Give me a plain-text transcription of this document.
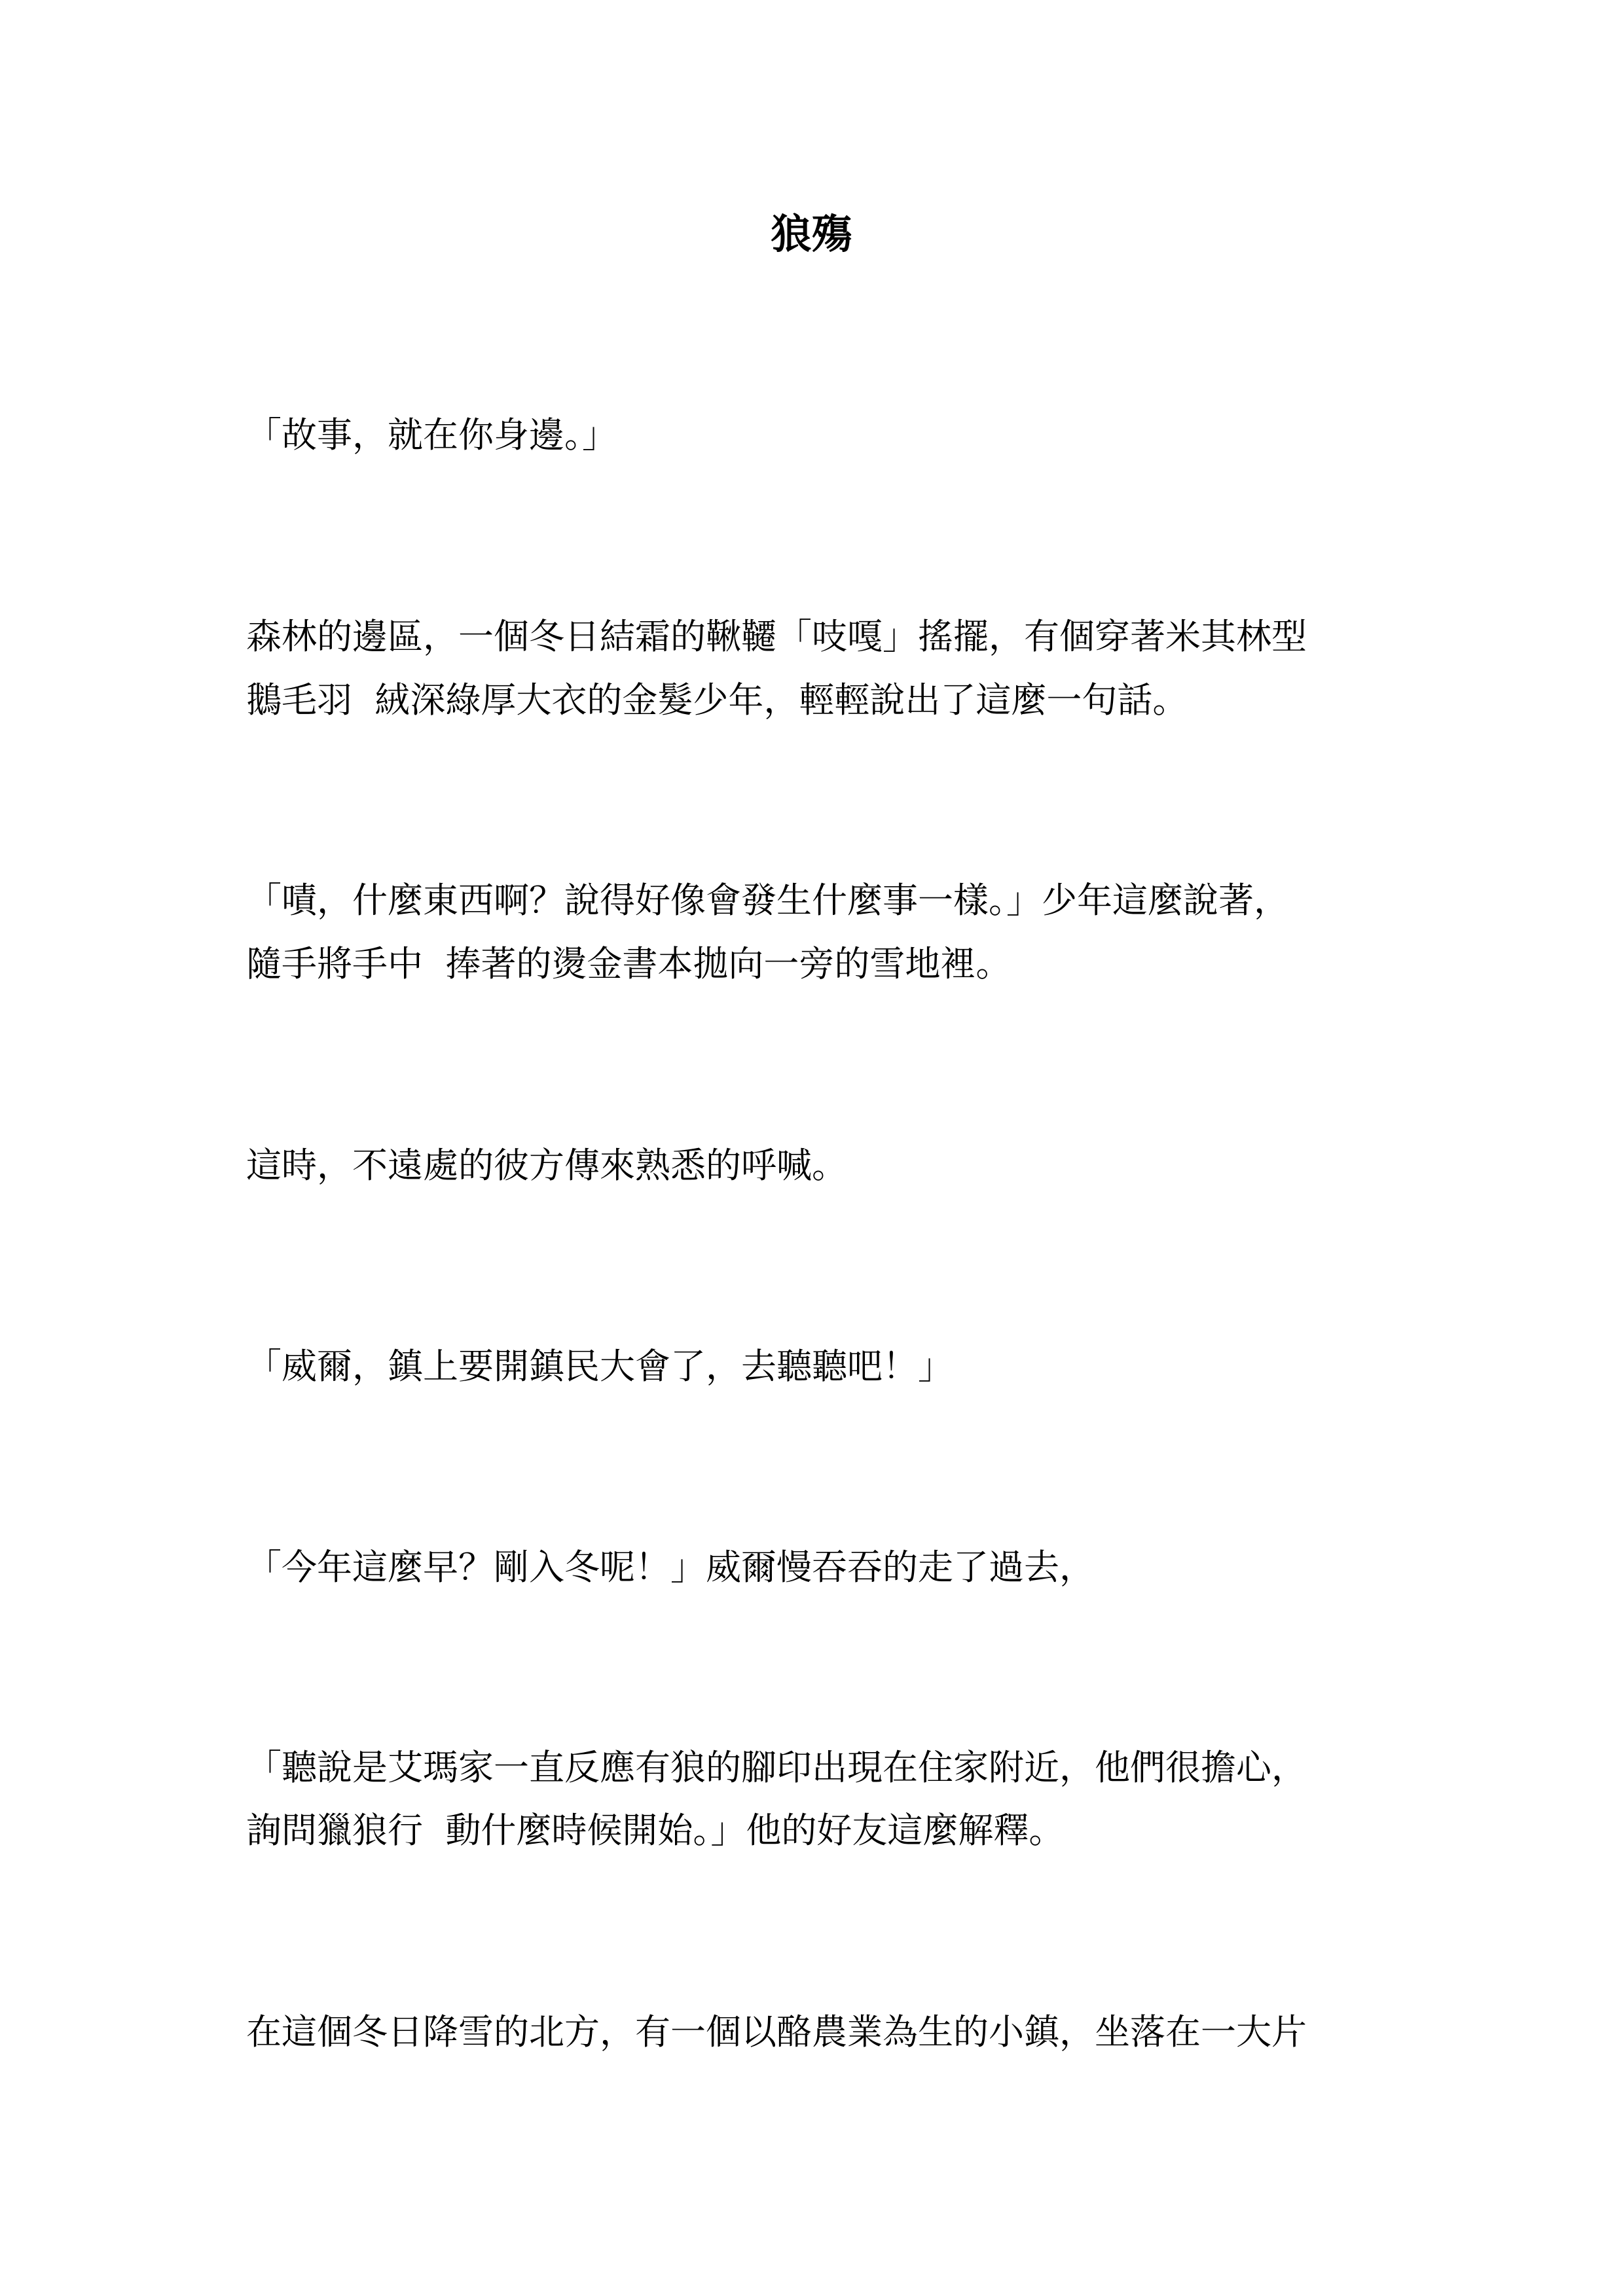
狼殤

「故事，就在你身邊。」

森林的邊區，一個冬日結霜的鞦韆「吱嘎」搖擺，有個穿著米其林型

鵝毛羽  絨深綠厚大衣的金髮少年，輕輕說出了這麼一句話。

「嘖，什麼東西啊？說得好像會發生什麼事一樣。」少年這麼說著，

隨手將手中  捧著的燙金書本拋向一旁的雪地裡。

這時，不遠處的彼方傳來熟悉的呼喊。

「威爾，鎮上要開鎮民大會了，去聽聽吧！」

「今年這麼早？剛入冬呢！」威爾慢吞吞的走了過去，

「聽說是艾瑪家一直反應有狼的腳印出現在住家附近，他們很擔心，

詢問獵狼行  動什麼時候開始。」他的好友這麼解釋。

在這個冬日降雪的北方，有一個以酪農業為生的小鎮，坐落在一大片
